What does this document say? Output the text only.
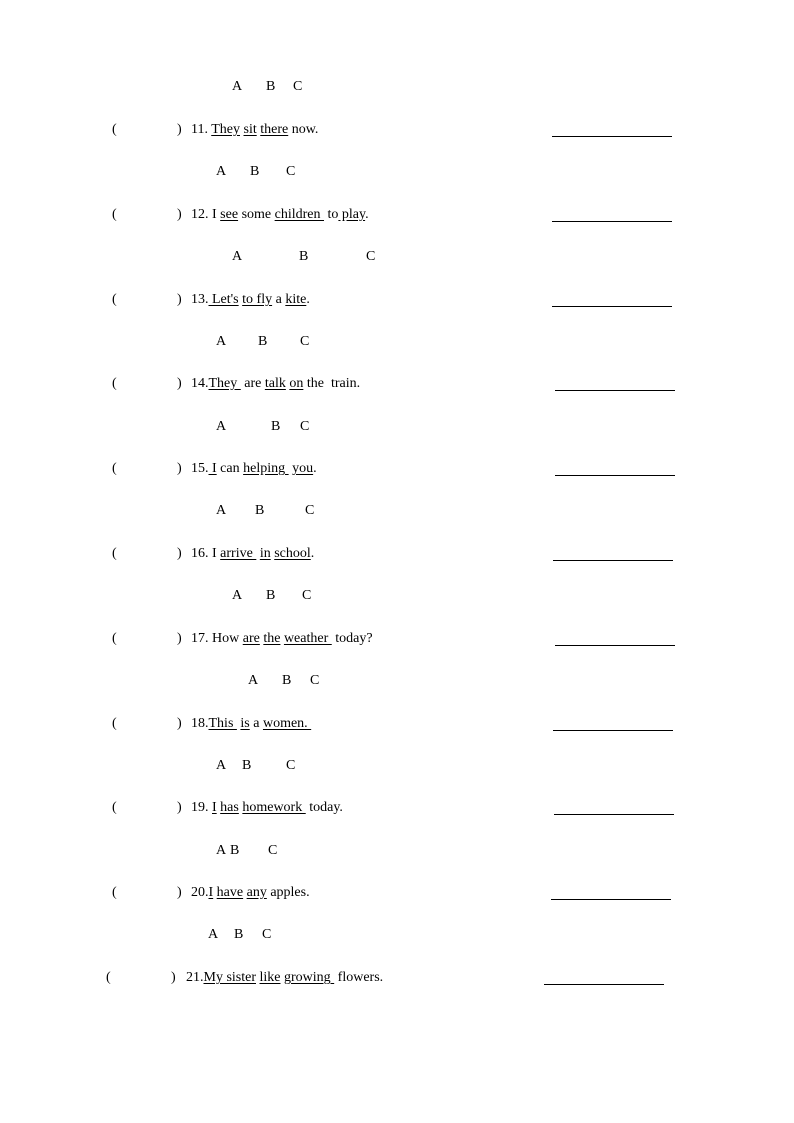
A B C
(	) 11. They sit there now.
A B C
(	) 12. I see some children  to play.
A	B	C
(	) 13. Let's to fly a kite.
A B C
(	) 14.They  are talk on the  train.
A	B C
(	) 15. I can helping  you.
A B	C
(	) 16. I arrive  in school.
A B C
(	) 17. How are the weather  today?
A B C
(	) 18.This  is a women.
A B C
(	) 19. I has homework  today.
A B C
(	) 20.I have any apples.
A B C
(	) 21.My sister like growing  flowers.
